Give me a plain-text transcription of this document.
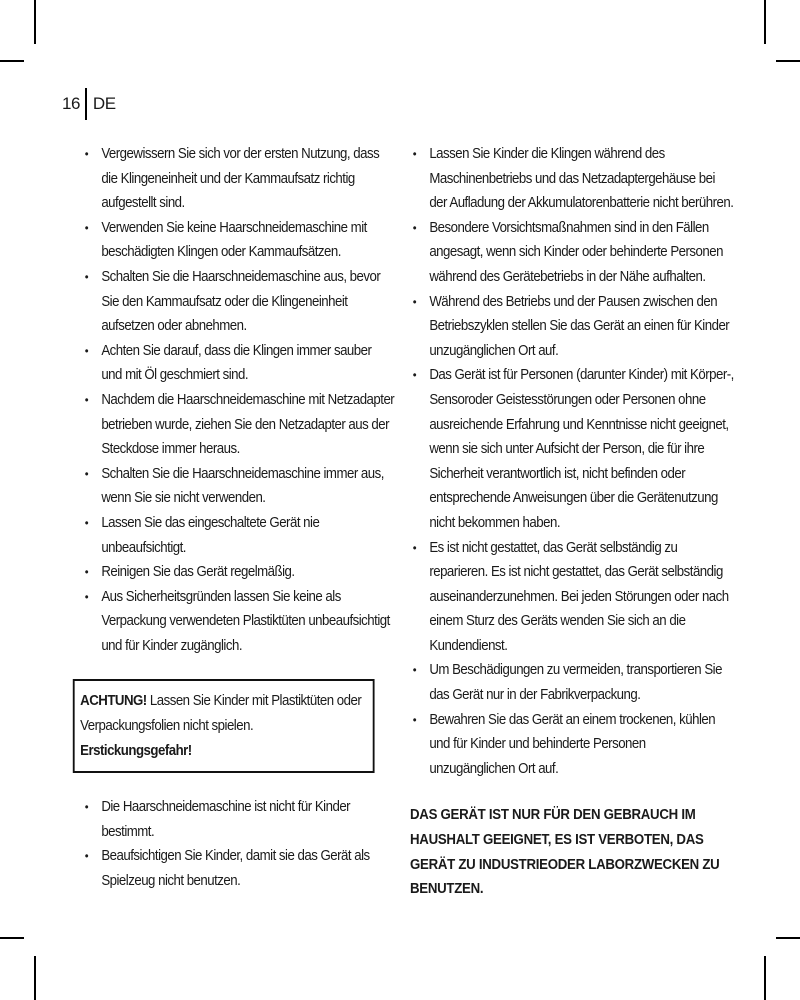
16 DE
• Vergewissern Sie sich vor der ersten Nutzung, dass die Klingeneinheit und der Kammaufsatz richtig aufgestellt sind.
• Verwenden Sie keine Haarschneidemaschine mit beschädigten Klingen oder Kammaufsätzen.
• Schalten Sie die Haarschneidemaschine aus, bevor Sie den Kammaufsatz oder die Klingeneinheit aufsetzen oder abnehmen.
• Achten Sie darauf, dass die Klingen immer sauber und mit Öl geschmiert sind.
• Nachdem die Haarschneidemaschine mit Netzadapter betrieben wurde, ziehen Sie den Netzadapter aus der Steckdose immer heraus.
• Schalten Sie die Haarschneidemaschine immer aus, wenn Sie sie nicht verwenden.
• Lassen Sie das eingeschaltete Gerät nie unbeaufsichtigt.
• Reinigen Sie das Gerät regelmäßig.
• Aus Sicherheitsgründen lassen Sie keine als Verpackung verwendeten Plastiktüten unbeaufsichtigt und für Kinder zugänglich.
ACHTUNG! Lassen Sie Kinder mit Plastiktüten oder Verpackungsfolien nicht spielen. Erstickungsgefahr!
• Die Haarschneidemaschine ist nicht für Kinder bestimmt.
• Beaufsichtigen Sie Kinder, damit sie das Gerät als Spielzeug nicht benutzen.
• Lassen Sie Kinder die Klingen während des Maschinenbetriebs und das Netzadaptergehäuse bei der Aufladung der Akkumulatorenbatterie nicht berühren.
• Besondere Vorsichtsmaßnahmen sind in den Fällen angesagt, wenn sich Kinder oder behinderte Personen während des Gerätebetriebs in der Nähe aufhalten.
• Während des Betriebs und der Pausen zwischen den Betriebszyklen stellen Sie das Gerät an einen für Kinder unzugänglichen Ort auf.
• Das Gerät ist für Personen (darunter Kinder) mit Körper-, Sensoroder Geistesstörungen oder Personen ohne ausreichende Erfahrung und Kenntnisse nicht geeignet, wenn sie sich unter Aufsicht der Person, die für ihre Sicherheit verantwortlich ist, nicht befinden oder entsprechende Anweisungen über die Gerätenutzung nicht bekommen haben.
• Es ist nicht gestattet, das Gerät selbständig zu reparieren. Es ist nicht gestattet, das Gerät selbständig auseinanderzunehmen. Bei jeden Störungen oder nach einem Sturz des Geräts wenden Sie sich an die Kundendienst.
• Um Beschädigungen zu vermeiden, transportieren Sie das Gerät nur in der Fabrikverpackung.
• Bewahren Sie das Gerät an einem trockenen, kühlen und für Kinder und behinderte Personen unzugänglichen Ort auf.
DAS GERÄT IST NUR FÜR DEN GEBRAUCH IM HAUSHALT GEEIGNET, ES IST VERBOTEN, DAS GERÄT ZU INDUSTRIEODER LABORZWECKEN ZU BENUTZEN.
